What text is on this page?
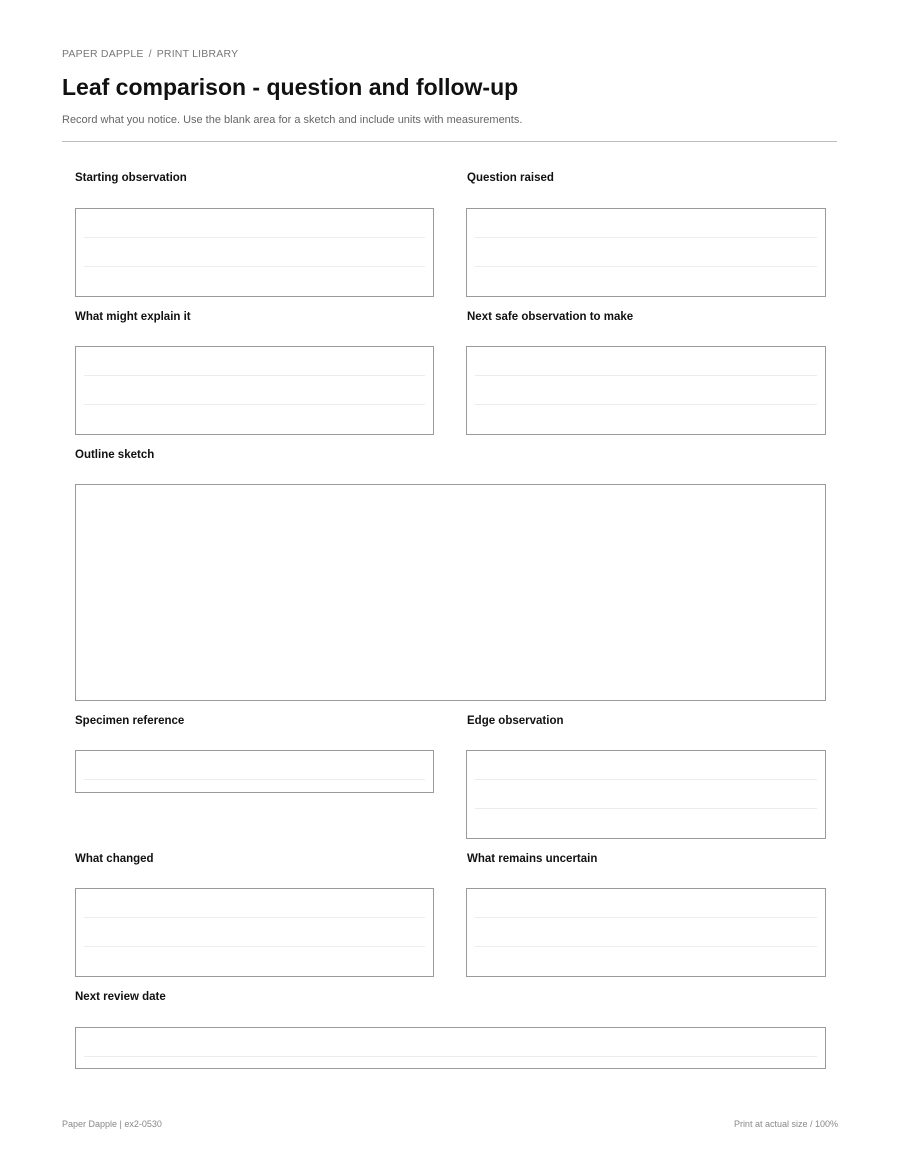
PAPER DAPPLE / PRINT LIBRARY
Leaf comparison - question and follow-up
Record what you notice. Use the blank area for a sketch and include units with measurements.
Starting observation	Question raised
What might explain it	Next safe observation to make
Outline sketch
Specimen reference	Edge observation
What changed	What remains uncertain
Next review date
Paper Dapple | ex2-0530	Print at actual size / 100%
